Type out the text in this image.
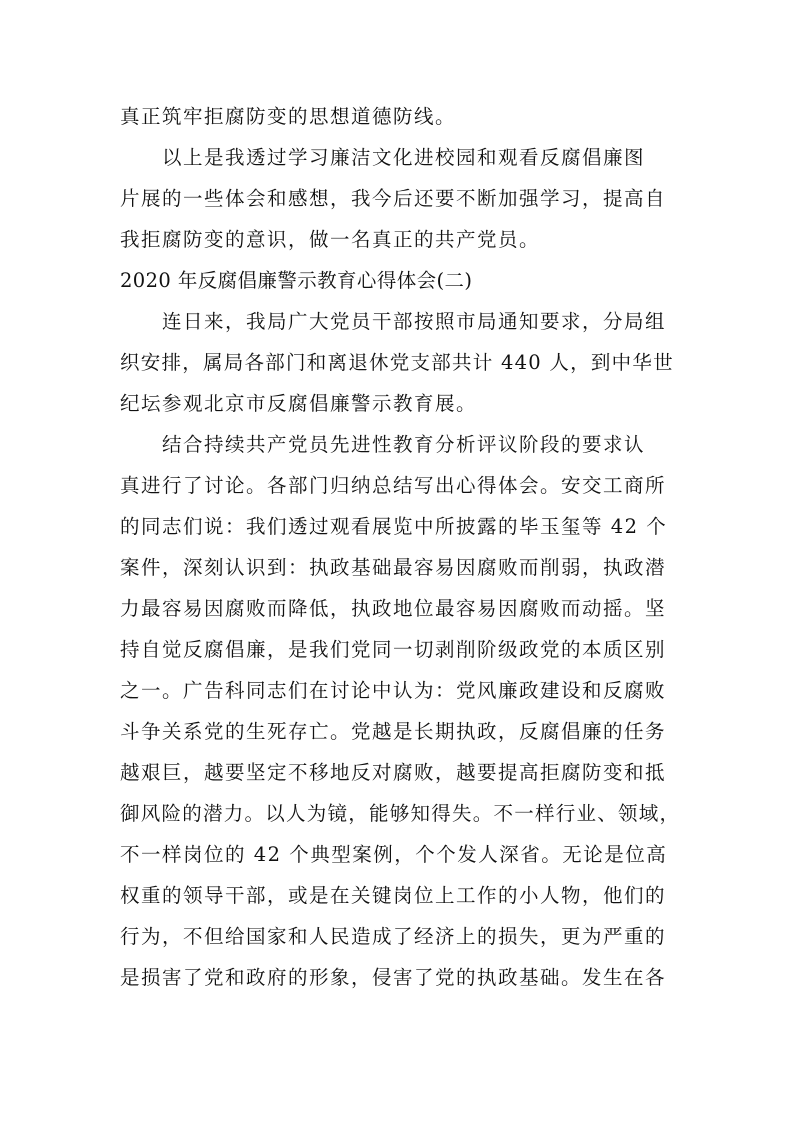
真正筑牢拒腐防变的思想道德防线。
以上是我透过学习廉洁文化进校园和观看反腐倡廉图
片展的一些体会和感想，我今后还要不断加强学习，提高自
我拒腐防变的意识，做一名真正的共产党员。
2020 年反腐倡廉警示教育心得体会(二)
连日来，我局广大党员干部按照市局通知要求，分局组
织安排，属局各部门和离退休党支部共计 440 人，到中华世
纪坛参观北京市反腐倡廉警示教育展。
结合持续共产党员先进性教育分析评议阶段的要求认
真进行了讨论。各部门归纳总结写出心得体会。安交工商所
的同志们说：我们透过观看展览中所披露的毕玉玺等 42 个
案件，深刻认识到：执政基础最容易因腐败而削弱，执政潜
力最容易因腐败而降低，执政地位最容易因腐败而动摇。坚
持自觉反腐倡廉，是我们党同一切剥削阶级政党的本质区别
之一。广告科同志们在讨论中认为：党风廉政建设和反腐败
斗争关系党的生死存亡。党越是长期执政，反腐倡廉的任务
越艰巨，越要坚定不移地反对腐败，越要提高拒腐防变和抵
御风险的潜力。以人为镜，能够知得失。不一样行业、领域，
不一样岗位的 42 个典型案例，个个发人深省。无论是位高
权重的领导干部，或是在关键岗位上工作的小人物，他们的
行为，不但给国家和人民造成了经济上的损失，更为严重的
是损害了党和政府的形象，侵害了党的执政基础。发生在各
